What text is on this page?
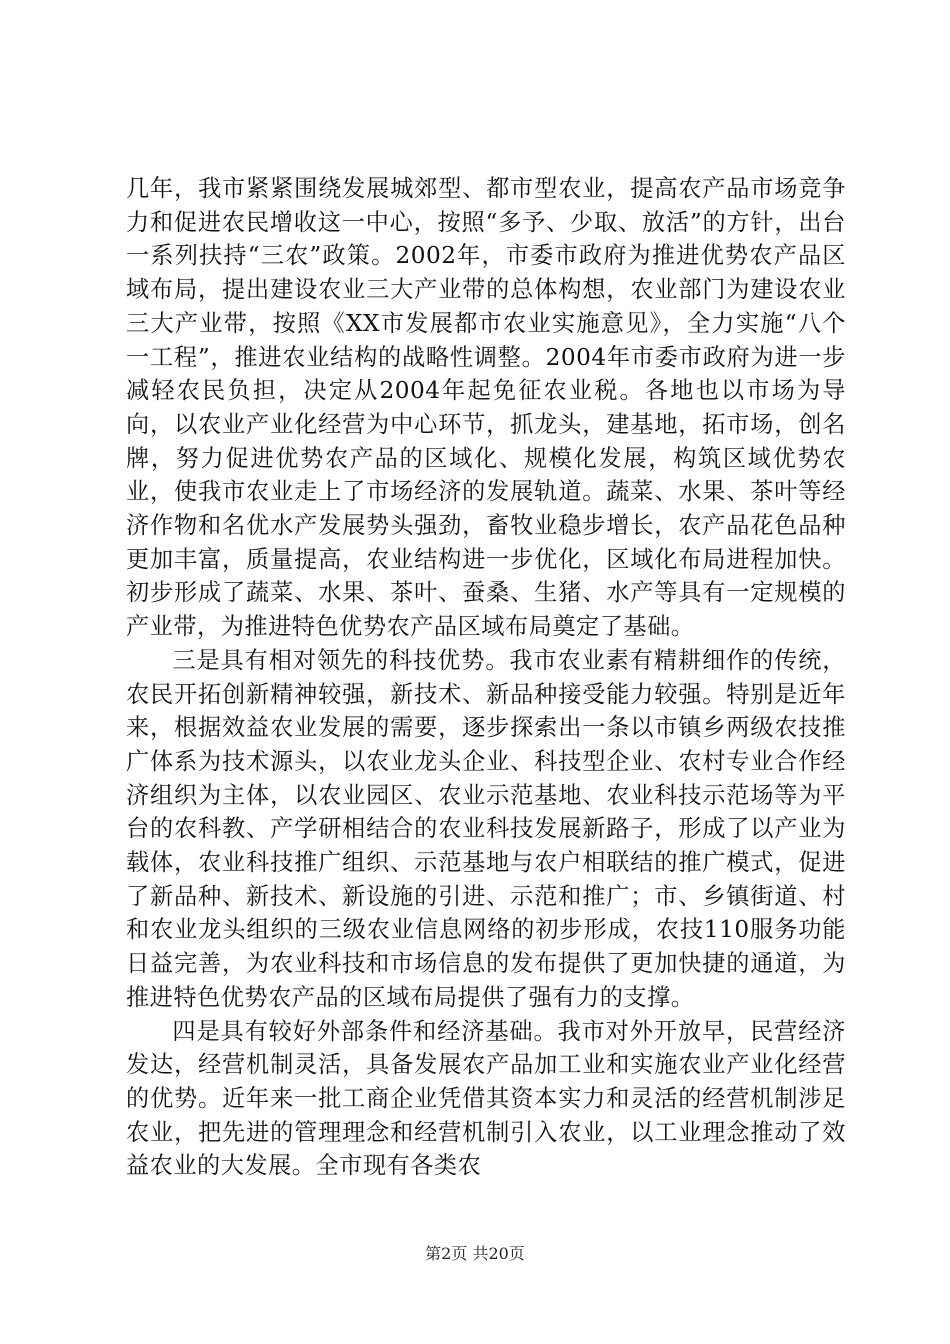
几年，我市紧紧围绕发展城郊型、都市型农业，提高农产品市场竞争力和促进农民增收这一中心，按照“多予、少取、放活”的方针，出台一系列扶持“三农”政策。2002年，市委市政府为推进优势农产品区域布局，提出建设农业三大产业带的总体构想，农业部门为建设农业三大产业带，按照《XX市发展都市农业实施意见》，全力实施“八个一工程”，推进农业结构的战略性调整。2004年市委市政府为进一步减轻农民负担，决定从2004年起免征农业税。各地也以市场为导向，以农业产业化经营为中心环节，抓龙头，建基地，拓市场，创名牌，努力促进优势农产品的区域化、规模化发展，构筑区域优势农业，使我市农业走上了市场经济的发展轨道。蔬菜、水果、茶叶等经济作物和名优水产发展势头强劲，畜牧业稳步增长，农产品花色品种更加丰富，质量提高，农业结构进一步优化，区域化布局进程加快。初步形成了蔬菜、水果、茶叶、蚕桑、生猪、水产等具有一定规模的产业带，为推进特色优势农产品区域布局奠定了基础。

三是具有相对领先的科技优势。我市农业素有精耕细作的传统，农民开拓创新精神较强，新技术、新品种接受能力较强。特别是近年来，根据效益农业发展的需要，逐步探索出一条以市镇乡两级农技推广体系为技术源头，以农业龙头企业、科技型企业、农村专业合作经济组织为主体，以农业园区、农业示范基地、农业科技示范场等为平台的农科教、产学研相结合的农业科技发展新路子，形成了以产业为载体，农业科技推广组织、示范基地与农户相联结的推广模式，促进了新品种、新技术、新设施的引进、示范和推广；市、乡镇街道、村和农业龙头组织的三级农业信息网络的初步形成，农技110服务功能日益完善，为农业科技和市场信息的发布提供了更加快捷的通道，为推进特色优势农产品的区域布局提供了强有力的支撑。

四是具有较好外部条件和经济基础。我市对外开放早，民营经济发达，经营机制灵活，具备发展农产品加工业和实施农业产业化经营的优势。近年来一批工商企业凭借其资本实力和灵活的经营机制涉足农业，把先进的管理理念和经营机制引入农业，以工业理念推动了效益农业的大发展。全市现有各类农

第2页 共20页
